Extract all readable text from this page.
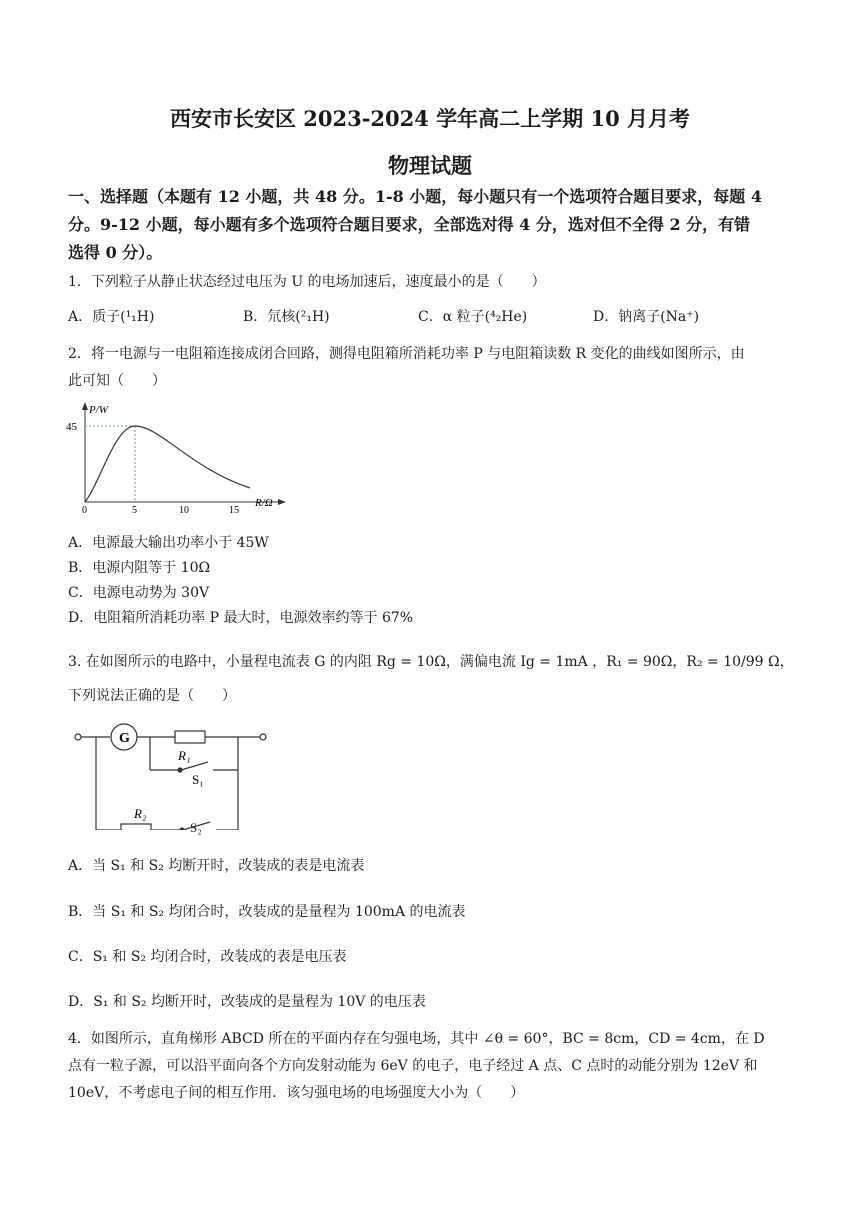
西安市长安区 2023-2024 学年高二上学期 10 月月考
物理试题
一、选择题（本题有 12 小题，共 48 分。1-8 小题，每小题只有一个选项符合题目要求，每题 4
分。9-12 小题，每小题有多个选项符合题目要求，全部选对得 4 分，选对但不全得 2 分，有错
选得 0 分）。
1．下列粒子从静止状态经过电压为 U 的电场加速后，速度最小的是（　　）
A．质子(¹₁H)	B．氘核(²₁H)	C．α 粒子(⁴₂He)	D．钠离子(Na⁺)
2．将一电源与一电阻箱连接成闭合回路，测得电阻箱所消耗功率 P 与电阻箱读数 R 变化的曲线如图所示，由
此可知（　　）
P/W
R/Ω
45
0	5	10	15
A．电源最大输出功率小于 45W
B．电源内阻等于 10Ω
C．电源电动势为 30V
D．电阻箱所消耗功率 P 最大时，电源效率约等于 67%
3. 在如图所示的电路中，小量程电流表 G 的内阻 Rg = 10Ω，满偏电流 Ig = 1mA ，R₁ = 90Ω，R₂ = 10/99 Ω，
下列说法正确的是（　　）
G
R₁
S₁
R₂
S₂
A．当 S₁ 和 S₂ 均断开时，改装成的表是电流表
B．当 S₁ 和 S₂ 均闭合时，改装成的是量程为 100mA 的电流表
C．S₁ 和 S₂ 均闭合时，改装成的表是电压表
D．S₁ 和 S₂ 均断开时，改装成的是量程为 10V 的电压表
4．如图所示，直角梯形 ABCD 所在的平面内存在匀强电场，其中 ∠θ = 60°，BC = 8cm，CD = 4cm，在 D
点有一粒子源，可以沿平面向各个方向发射动能为 6eV 的电子，电子经过 A 点、C 点时的动能分别为 12eV 和
10eV，不考虑电子间的相互作用．该匀强电场的电场强度大小为（　　）
